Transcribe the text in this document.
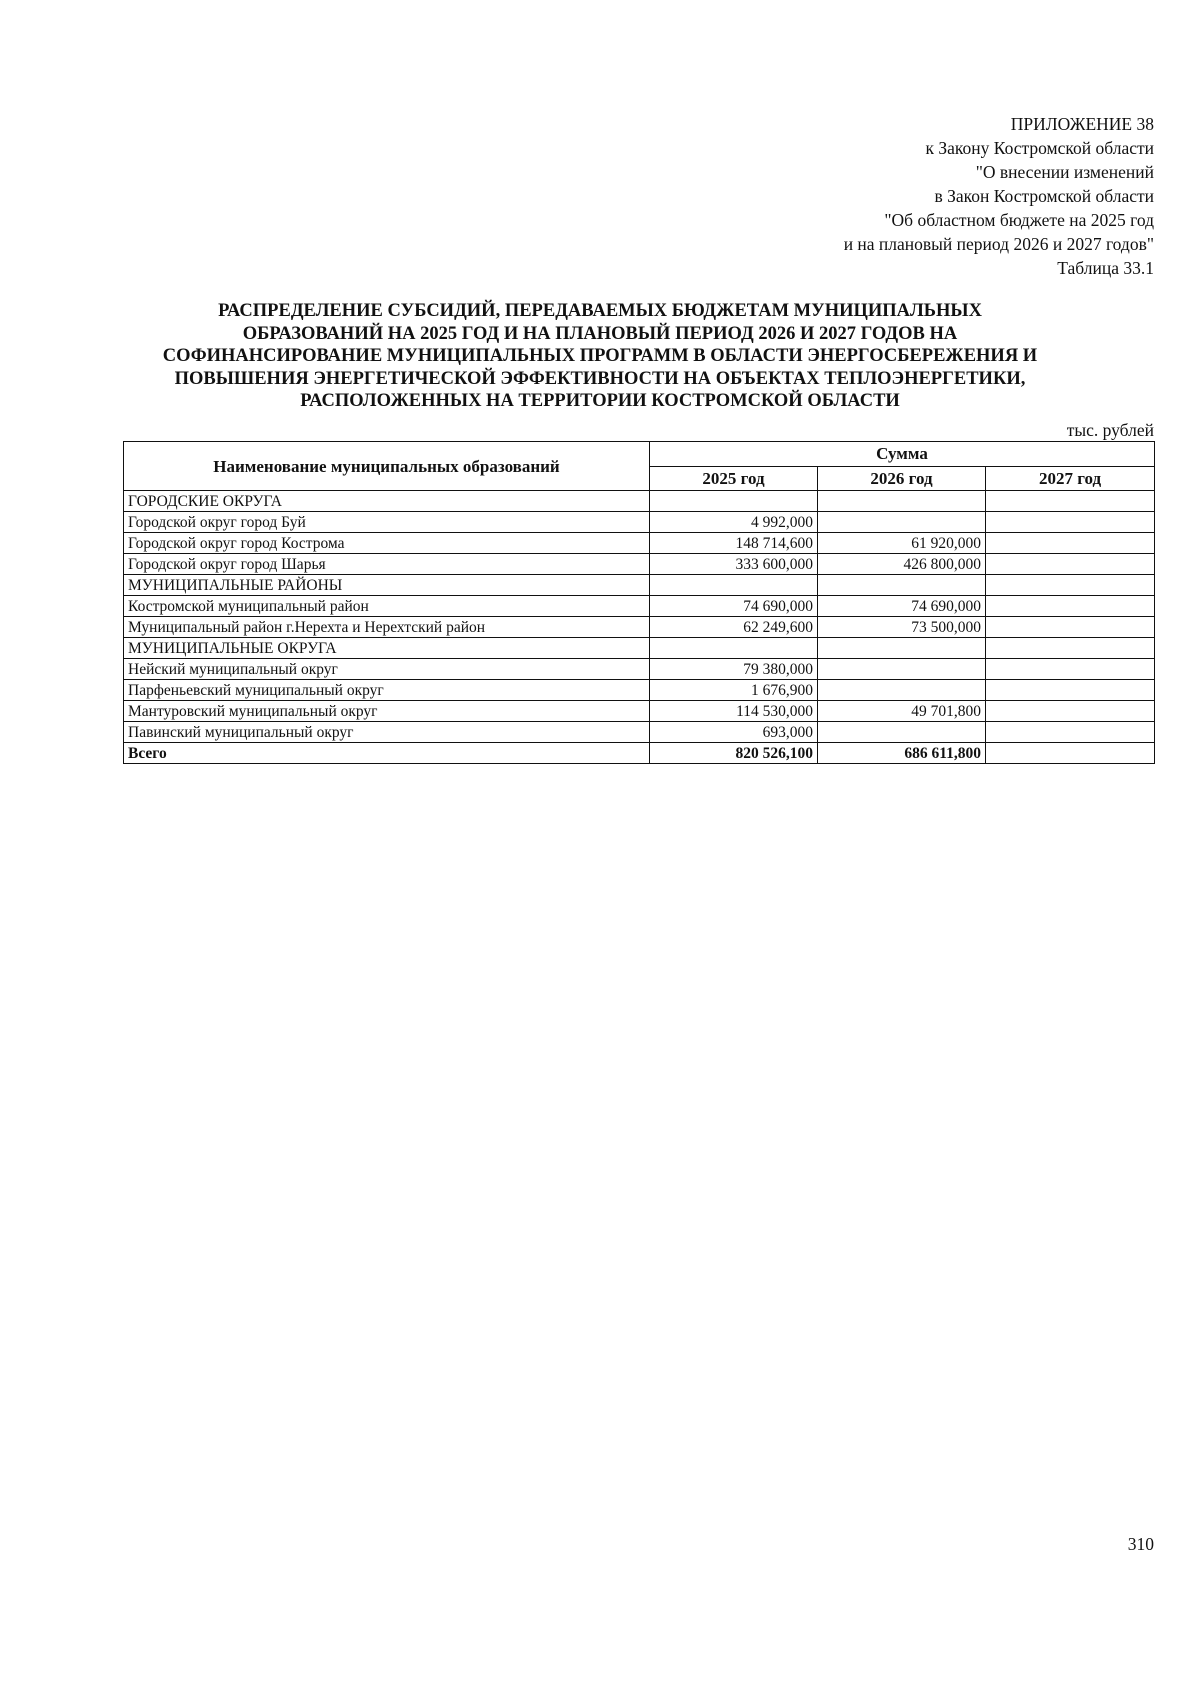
ПРИЛОЖЕНИЕ 38
к Закону Костромской области
"О внесении изменений
в Закон Костромской области
"Об областном бюджете на 2025 год
и на плановый период 2026 и 2027 годов"
Таблица 33.1
РАСПРЕДЕЛЕНИЕ СУБСИДИЙ, ПЕРЕДАВАЕМЫХ БЮДЖЕТАМ МУНИЦИПАЛЬНЫХ
ОБРАЗОВАНИЙ НА 2025 ГОД И НА ПЛАНОВЫЙ ПЕРИОД 2026 И 2027 ГОДОВ НА
СОФИНАНСИРОВАНИЕ МУНИЦИПАЛЬНЫХ ПРОГРАММ В ОБЛАСТИ ЭНЕРГОСБЕРЕЖЕНИЯ И
ПОВЫШЕНИЯ ЭНЕРГЕТИЧЕСКОЙ ЭФФЕКТИВНОСТИ НА ОБЪЕКТАХ ТЕПЛОЭНЕРГЕТИКИ,
РАСПОЛОЖЕННЫХ НА ТЕРРИТОРИИ КОСТРОМСКОЙ ОБЛАСТИ
тыс. рублей
Наименование муниципальных образований	Сумма		
	2025 год	2026 год	2027 год
ГОРОДСКИЕ ОКРУГА			
Городской округ город Буй	4 992,000		
Городской округ город Кострома	148 714,600	61 920,000	
Городской округ город Шарья	333 600,000	426 800,000	
МУНИЦИПАЛЬНЫЕ РАЙОНЫ			
Костромской муниципальный район	74 690,000	74 690,000	
Муниципальный район г.Нерехта и Нерехтский район	62 249,600	73 500,000	
МУНИЦИПАЛЬНЫЕ ОКРУГА			
Нейский муниципальный округ	79 380,000		
Парфеньевский муниципальный округ	1 676,900		
Мантуровский муниципальный округ	114 530,000	49 701,800	
Павинский муниципальный округ	693,000		
Всего	820 526,100	686 611,800	
310
